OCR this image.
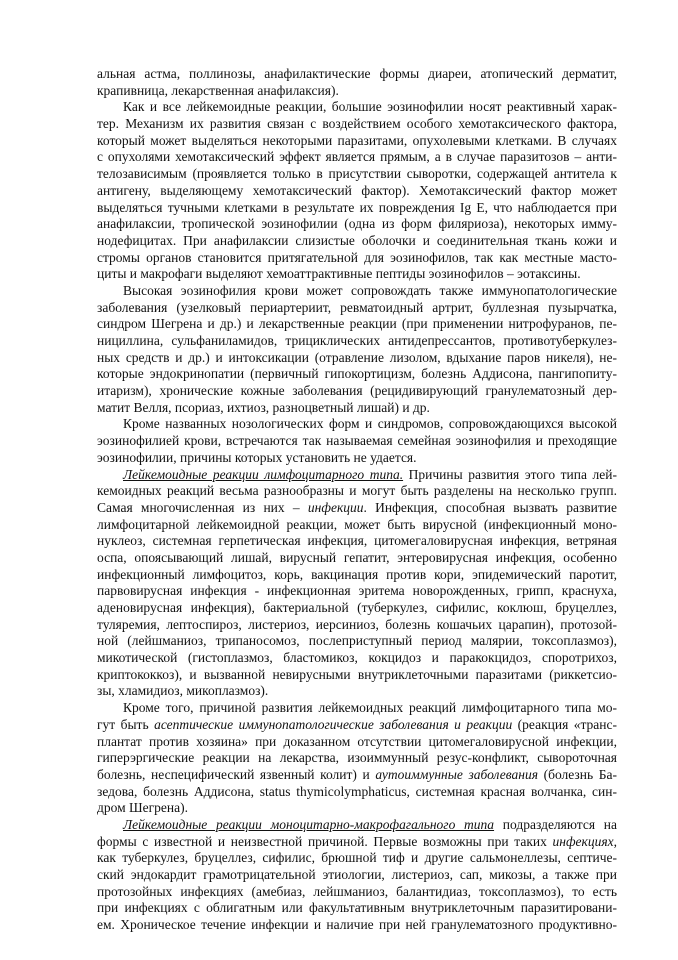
альная астма, поллинозы, анафилактические формы диареи, атопический дерматит,
крапивница, лекарственная анафилаксия).
Как и все лейкемоидные реакции, большие эозинофилии носят реактивный харак-
тер. Механизм их развития связан с воздействием особого хемотаксического фактора,
который может выделяться некоторыми паразитами, опухолевыми клетками. В случаях
с опухолями хемотаксический эффект является прямым, а в случае паразитозов – анти-
телозависимым (проявляется только в присутствии сыворотки, содержащей антитела к
антигену, выделяющему хемотаксический фактор). Хемотаксический фактор может
выделяться тучными клетками в результате их повреждения Ig E, что наблюдается при
анафилаксии, тропической эозинофилии (одна из форм филяриоза), некоторых имму-
нодефицитах. При анафилаксии слизистые оболочки и соединительная ткань кожи и
стромы органов становится притягательной для эозинофилов, так как местные масто-
циты и макрофаги выделяют хемоаттрактивные пептиды эозинофилов – эотаксины.
Высокая эозинофилия крови может сопровождать также иммунопатологические
заболевания (узелковый периартериит, ревматоидный артрит, буллезная пузырчатка,
синдром Шегрена и др.) и лекарственные реакции (при применении нитрофуранов, пе-
нициллина, сульфаниламидов, трициклических антидепрессантов, противотуберкулез-
ных средств и др.) и интоксикации (отравление лизолом, вдыхание паров никеля), не-
которые эндокринопатии (первичный гипокортицизм, болезнь Аддисона, пангипопиту-
итаризм), хронические кожные заболевания (рецидивирующий гранулематозный дер-
матит Велля, псориаз, ихтиоз, разноцветный лишай) и др.
Кроме названных нозологических форм и синдромов, сопровождающихся высокой
эозинофилией крови, встречаются так называемая семейная эозинофилия и преходящие
эозинофилии, причины которых установить не удается.
Лейкемоидные реакции лимфоцитарного типа. Причины развития этого типа лей-
кемоидных реакций весьма разнообразны и могут быть разделены на несколько групп.
Самая многочисленная из них – инфекции. Инфекция, способная вызвать развитие
лимфоцитарной лейкемоидной реакции, может быть вирусной (инфекционный моно-
нуклеоз, системная герпетическая инфекция, цитомегаловирусная инфекция, ветряная
оспа, опоясывающий лишай, вирусный гепатит, энтеровирусная инфекция, особенно
инфекционный лимфоцитоз, корь, вакцинация против кори, эпидемический паротит,
парвовирусная инфекция - инфекционная эритема новорожденных, грипп, краснуха,
аденовирусная инфекция), бактериальной (туберкулез, сифилис, коклюш, бруцеллез,
туляремия, лептоспироз, листериоз, иерсиниоз, болезнь кошачьих царапин), протозой-
ной (лейшманиоз, трипаносомоз, послеприступный период малярии, токсоплазмоз),
микотической (гистоплазмоз, бластомикоз, кокцидоз и паракокцидоз, споротрихоз,
криптококкоз), и вызванной невирусными внутриклеточными паразитами (риккетсио-
зы, хламидиоз, микоплазмоз).
Кроме того, причиной развития лейкемоидных реакций лимфоцитарного типа мо-
гут быть асептические иммунопатологические заболевания и реакции (реакция «транс-
плантат против хозяина» при доказанном отсутствии цитомегаловирусной инфекции,
гиперэргические реакции на лекарства, изоиммунный резус-конфликт, сывороточная
болезнь, неспецифический язвенный колит) и аутоиммунные заболевания (болезнь Ба-
зедова, болезнь Аддисона, status thymicolymphaticus, системная красная волчанка, син-
дром Шегрена).
Лейкемоидные реакции моноцитарно-макрофагального типа подразделяются на
формы с известной и неизвестной причиной. Первые возможны при таких инфекциях,
как туберкулез, бруцеллез, сифилис, брюшной тиф и другие сальмонеллезы, септиче-
ский эндокардит грамотрицательной этиологии, листериоз, сап, микозы, а также при
протозойных инфекциях (амебиаз, лейшманиоз, балантидиаз, токсоплазмоз), то есть
при инфекциях с облигатным или факультативным внутриклеточным паразитировани-
ем. Хроническое течение инфекции и наличие при ней гранулематозного продуктивно-
